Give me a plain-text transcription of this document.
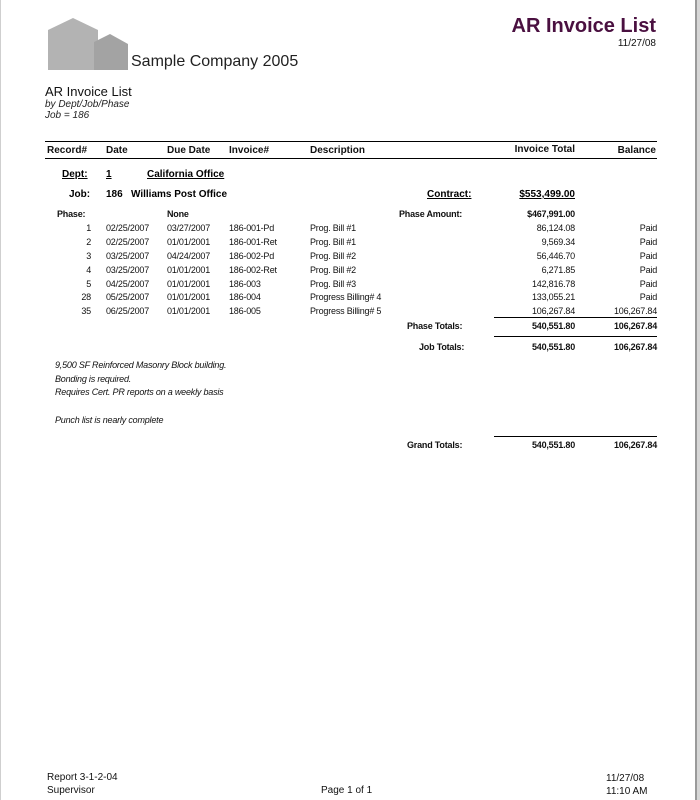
Sample Company 2005
AR Invoice List
11/27/08
AR Invoice List
by Dept/Job/Phase
Job = 186
Record# Date	Due Date Invoice#	Description	Invoice Total	Balance
Dept: 1	California Office
Job: 186 Williams Post Office	Contract:	$553,499.00
Phase:	None	Phase Amount:	$467,991.00
1 02/25/2007 03/27/2007 186-001-Pd	Prog. Bill #1	86,124.08	Paid
2 02/25/2007 01/01/2001 186-001-Ret	Prog. Bill #1	9,569.34	Paid
3 03/25/2007 04/24/2007 186-002-Pd	Prog. Bill #2	56,446.70	Paid
4 03/25/2007 01/01/2001 186-002-Ret	Prog. Bill #2	6,271.85	Paid
5 04/25/2007 01/01/2001 186-003	Prog. Bill #3	142,816.78	Paid
28 05/25/2007 01/01/2001 186-004	Progress Billing# 4	133,055.21	Paid
35 06/25/2007 01/01/2001 186-005	Progress Billing# 5	106,267.84	106,267.84
Phase Totals:	540,551.80	106,267.84
Job Totals:	540,551.80	106,267.84
9,500 SF Reinforced Masonry Block building.
Bonding is required.
Requires Cert. PR reports on a weekly basis
Punch list is nearly complete
Grand Totals:	540,551.80	106,267.84
Report 3-1-2-04
Supervisor	Page 1 of 1
11/27/08
11:10 AM
